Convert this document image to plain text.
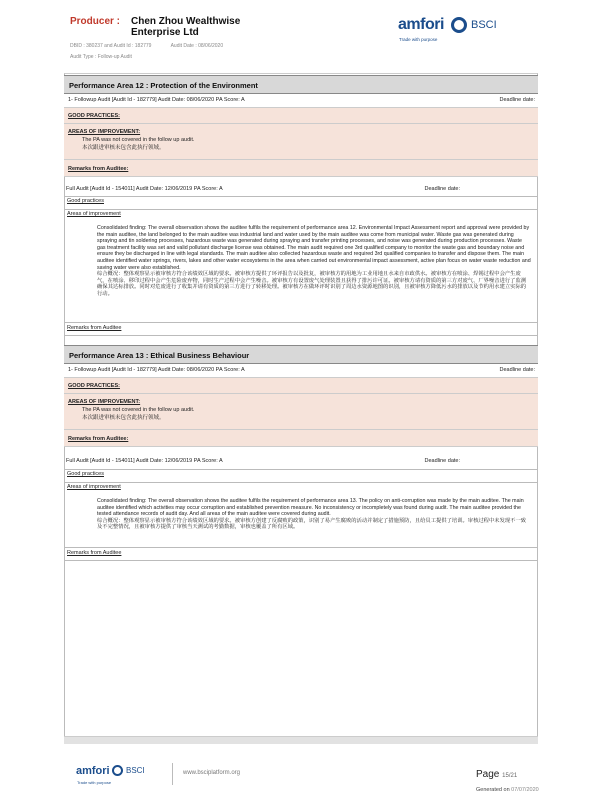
Producer : Chen Zhou Wealthwise Enterprise Ltd
DBID : 380237 and Audit Id : 182779	Audit Date : 08/06/2020
Audit Type : Follow-up Audit
amfori BSCI
Trade with purpose
Performance Area 12 : Protection of the Environment
1- Followup Audit [Audit Id - 182779] Audit Date: 08/06/2020 PA Score: A	Deadline date:
GOOD PRACTICES:
AREAS OF IMPROVEMENT:
The PA was not covered in the follow up audit.
本次跟进审核未包含此执行领域。
Remarks from Auditee:
Full Audit [Audit Id - 154011] Audit Date: 12/06/2019 PA Score: A	Deadline date:
Good practices
Areas of improvement
Consolidated finding: The overall observation shows the auditee fulfils the requirement of performance area 12. Environmental Impact Assessment report and approval were provided by the main auditee, the land belonged to the main auditee was industrial land and water used by the main auditee was come from municipal water. Waste gas was generated during spraying and tin soldering processes, hazardous waste was generated during spraying and transfer printing processes, and noise was generated during production processes. Waste gas treatment facility was set and valid pollutant discharge license was obtained. The main audit required one 3rd qualified company to monitor the waste gas and boundary noise and ensure they be discharged in line with legal standards. The main auditee also collected hazardous waste and required 3rd qualified companies to transfer and dispose them. The main auditee identified water springs, rivers, lakes and other water ecosystems in the area when carried out environmental impact assessment, active plan focus on water waste reduction and saving water were also established.
综合概况：整体观察显示被审核方符合该绩效区域的要求。被审核方提供了环评报告以及批复，被审核方的用地为工业用地且水来自市政供水。被审核方在喷涂、焊锡过程中会产生废气，在喷涂、移印过程中会产生危险废弃物，同时生产过程中会产生噪音。被审核方有设置废气处理装置且获得了排污许可证。被审核方请有资质的第三方对废气、厂界噪音进行了监测确保其达标排放。同时对危废进行了收集并请有资质的第三方进行了转移处理。被审核方在做环评时识别了周边水资源地图的识别，且被审核方降低污水的排放以及节约用水建立实际的行动。
Remarks from Auditee
Performance Area 13 : Ethical Business Behaviour
1- Followup Audit [Audit Id - 182779] Audit Date: 08/06/2020 PA Score: A	Deadline date:
GOOD PRACTICES:
AREAS OF IMPROVEMENT:
The PA was not covered in the follow up audit.
本次跟进审核未包含此执行领域。
Remarks from Auditee:
Full Audit [Audit Id - 154011] Audit Date: 12/06/2019 PA Score: A	Deadline date:
Good practices
Areas of improvement
Consolidated finding: The overall observation shows the auditee fulfils the requirement of performance area 13. The policy on anti-corruption was made by the main auditee. The main auditee identified which activities may occur corruption and established prevention measure. No inconsistency or incompletely was found during audit. The main auditee provided the tested attendance records of audit day. And all areas of the main auditee were covered during audit.
综合概况：整体观察显示被审核方符合该绩效区域的要求。被审核方创建了反腐败的政策，识别了易产生腐败的活动并制定了措施预防，且给员工提供了培训。审核过程中未发现不一致及不完整情况，且被审核方提供了审核当天测试的考勤数据，审核也覆盖了所有区域。
Remarks from Auditee
amfori BSCI
Trade with purpose
www.bsciplatform.org	Page 15/21
Generated on 07/07/2020
